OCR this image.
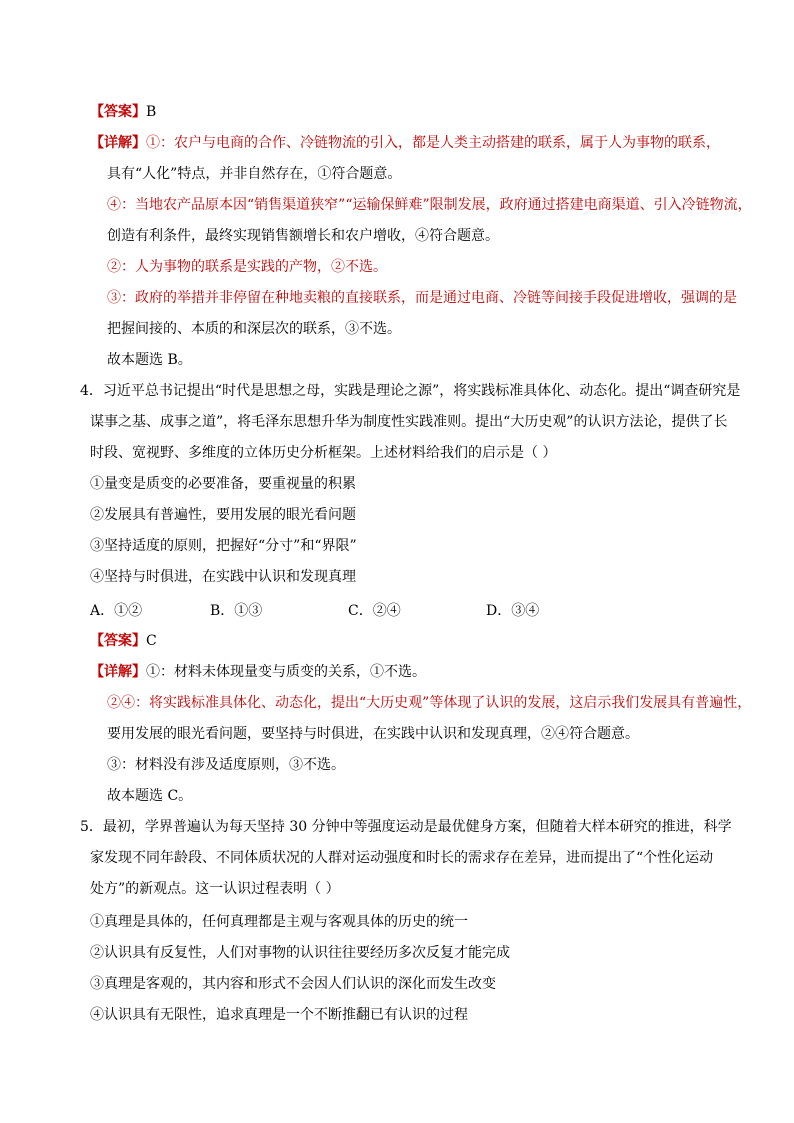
【答案】B
【详解】①：农户与电商的合作、冷链物流的引入，都是人类主动搭建的联系，属于人为事物的联系，
具有“人化”特点，并非自然存在，①符合题意。
④：当地农产品原本因“销售渠道狭窄”“运输保鲜难”限制发展，政府通过搭建电商渠道、引入冷链物流，
创造有利条件，最终实现销售额增长和农户增收，④符合题意。
②：人为事物的联系是实践的产物，②不选。
③：政府的举措并非停留在种地卖粮的直接联系，而是通过电商、冷链等间接手段促进增收，强调的是
把握间接的、本质的和深层次的联系，③不选。
故本题选 B。
4．习近平总书记提出“时代是思想之母，实践是理论之源”，将实践标准具体化、动态化。提出“调查研究是
谋事之基、成事之道”，将毛泽东思想升华为制度性实践准则。提出“大历史观”的认识方法论，提供了长
时段、宽视野、多维度的立体历史分析框架。上述材料给我们的启示是（ ）
①量变是质变的必要准备，要重视量的积累
②发展具有普遍性，要用发展的眼光看问题
③坚持适度的原则，把握好“分寸”和“界限”
④坚持与时俱进，在实践中认识和发现真理
A．①②	B．①③	C．②④	D．③④
【答案】C
【详解】①：材料未体现量变与质变的关系，①不选。
②④：将实践标准具体化、动态化，提出“大历史观”等体现了认识的发展，这启示我们发展具有普遍性，
要用发展的眼光看问题，要坚持与时俱进，在实践中认识和发现真理，②④符合题意。
③：材料没有涉及适度原则，③不选。
故本题选 C。
5．最初，学界普遍认为每天坚持 30 分钟中等强度运动是最优健身方案，但随着大样本研究的推进，科学
家发现不同年龄段、不同体质状况的人群对运动强度和时长的需求存在差异，进而提出了“个性化运动
处方”的新观点。这一认识过程表明（ ）
①真理是具体的，任何真理都是主观与客观具体的历史的统一
②认识具有反复性，人们对事物的认识往往要经历多次反复才能完成
③真理是客观的，其内容和形式不会因人们认识的深化而发生改变
④认识具有无限性，追求真理是一个不断推翻已有认识的过程
